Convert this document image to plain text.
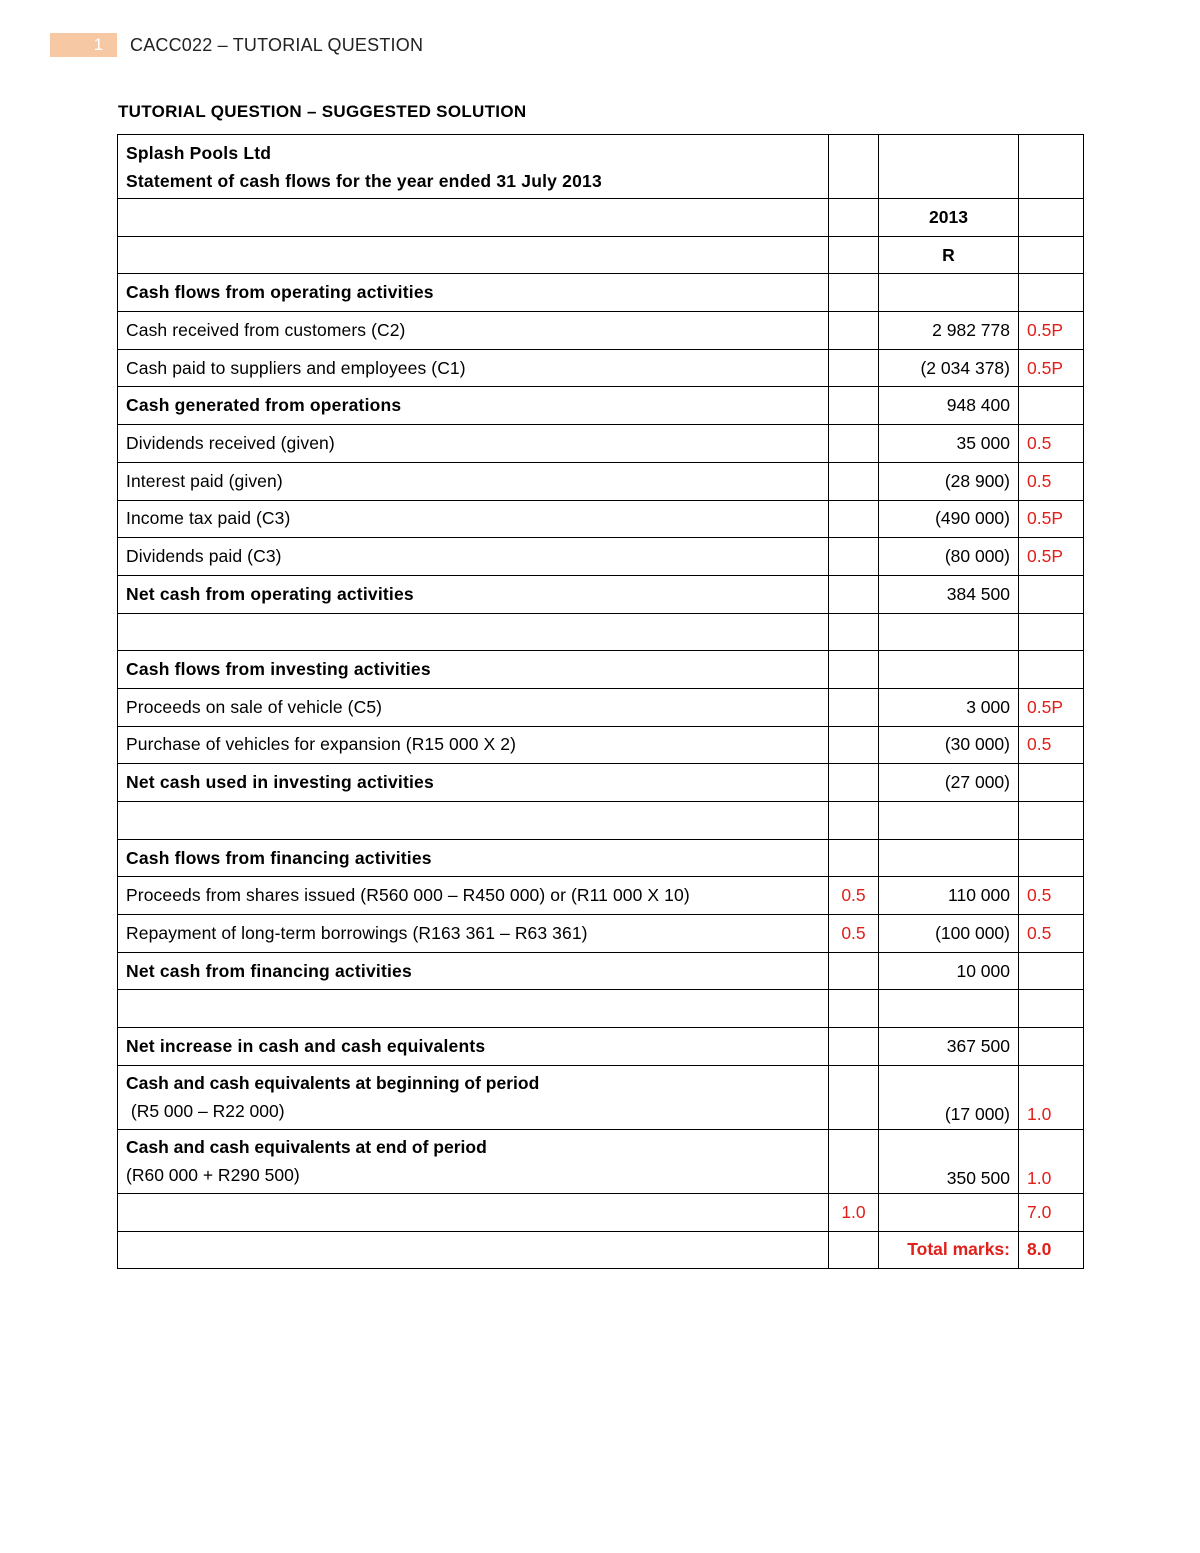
1	CACC022 – TUTORIAL QUESTION
TUTORIAL QUESTION – SUGGESTED SOLUTION
Splash Pools Ltd
Statement of cash flows for the year ended 31 July 2013			

		2013	
		R	
Cash flows from operating activities			
Cash received from customers (C2)		2 982 778	0.5P
Cash paid to suppliers and employees (C1)		(2 034 378)	0.5P
Cash generated from operations		948 400	
Dividends received (given)		35 000	0.5
Interest paid (given)		(28 900)	0.5
Income tax paid (C3)		(490 000)	0.5P
Dividends paid (C3)		(80 000)	0.5P
Net cash from operating activities		384 500	

Cash flows from investing activities			
Proceeds on sale of vehicle (C5)		3 000	0.5P
Purchase of vehicles for expansion (R15 000 X 2)		(30 000)	0.5
Net cash used in investing activities		(27 000)	

Cash flows from financing activities			
Proceeds from shares issued (R560 000 – R450 000) or (R11 000 X 10)	0.5	110 000	0.5
Repayment of long-term borrowings (R163 361 – R63 361)	0.5	(100 000)	0.5
Net cash from financing activities		10 000	

Net increase in cash and cash equivalents		367 500	

Cash and cash equivalents at beginning of period
(R5 000 – R22 000)		(17 000)	1.0

Cash and cash equivalents at end of period
(R60 000 + R290 500)		350 500	1.0
	1.0		7.0
		Total marks:	8.0
